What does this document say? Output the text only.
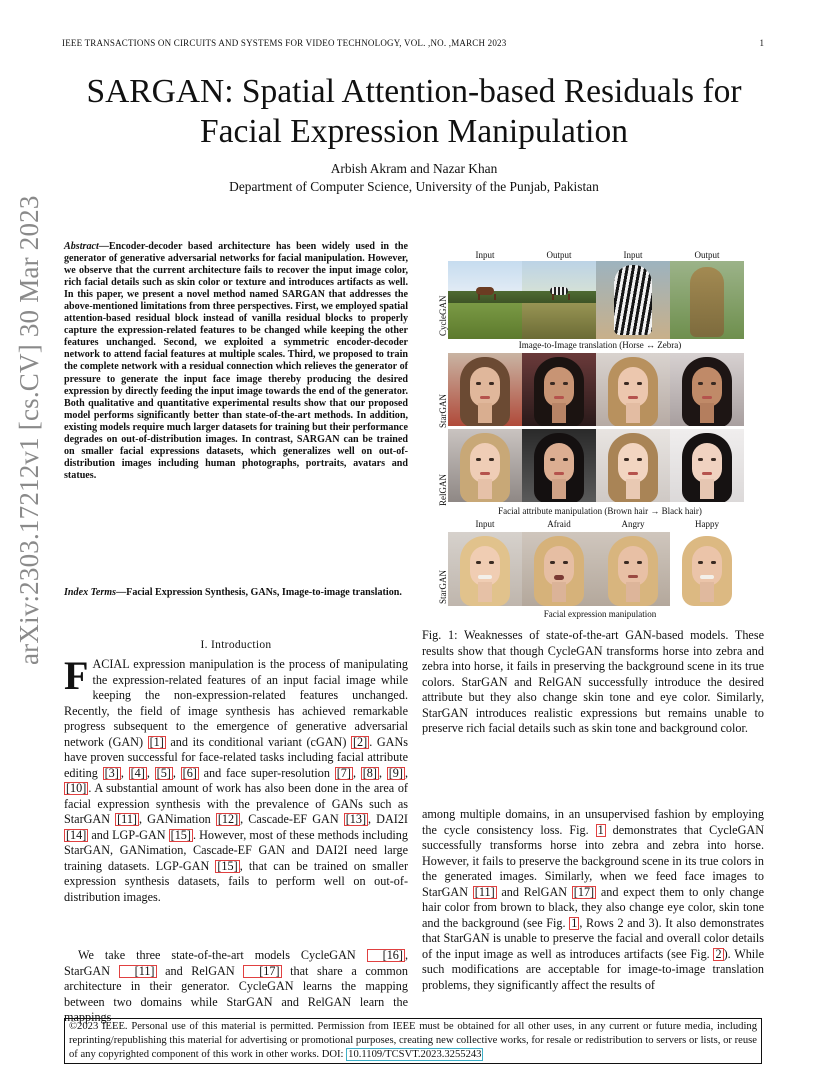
IEEE TRANSACTIONS ON CIRCUITS AND SYSTEMS FOR VIDEO TECHNOLOGY, VOL. ,NO. ,MARCH 2023	1
arXiv:2303.17212v1 [cs.CV] 30 Mar 2023
SARGAN: Spatial Attention-based Residuals for
Facial Expression Manipulation
Arbish Akram and Nazar Khan
Department of Computer Science, University of the Punjab, Pakistan
Abstract—Encoder-decoder based architecture has been widely used in the generator of generative adversarial networks for facial manipulation. However, we observe that the current architecture fails to recover the input image color, rich facial details such as skin color or texture and introduces artifacts as well. In this paper, we present a novel method named SARGAN that addresses the above-mentioned limitations from three perspectives. First, we employed spatial attention-based residual block instead of vanilla residual blocks to properly capture the expression-related features to be changed while keeping the other features unchanged. Second, we exploited a symmetric encoder-decoder network to attend facial features at multiple scales. Third, we proposed to train the complete network with a residual connection which relieves the generator of pressure to generate the input face image thereby producing the desired expression by directly feeding the input image towards the end of the generator. Both qualitative and quantitative experimental results show that our proposed model performs significantly better than state-of-the-art methods. In addition, existing models require much larger datasets for training but their performance degrades on out-of-distribution images. In contrast, SARGAN can be trained on smaller facial expressions datasets, which generalizes well on out-of-distribution images including human photographs, portraits, avatars and statues.
Index Terms—Facial Expression Synthesis, GANs, Image-to-image translation.
I. Introduction
FACIAL expression manipulation is the process of manipulating the expression-related features of an input facial image while keeping the non-expression-related features unchanged. Recently, the field of image synthesis has achieved remarkable progress subsequent to the emergence of generative adversarial network (GAN) [1] and its conditional variant (cGAN) [2] . GANs have proven successful for face-related tasks including facial attribute editing [3] , [4] , [5] , [6] and face super-resolution [7] , [8] , [9] , [10] . A substantial amount of work has also been done in the area of facial expression synthesis with the prevalence of GANs such as StarGAN [11] , GANimation [12] , Cascade-EF GAN [13] , DAI2I [14] and LGP-GAN [15] . However, most of these methods including StarGAN, GANimation, Cascade-EF GAN and DAI2I need large training datasets. LGP-GAN [15] , that can be trained on smaller expression synthesis datasets, fails to perform well on out-of-distribution images.
We take three state-of-the-art models CycleGAN [16] , StarGAN [11] and RelGAN [17] that share a common architecture in their generator. CycleGAN learns the mapping between two domains while StarGAN and RelGAN learn the mappings
Input	Output	Input	Output
CycleGAN
Image-to-Image translation (Horse ↔ Zebra)
StarGAN
RelGAN
Facial attribute manipulation (Brown hair → Black hair)
Input	Afraid	Angry	Happy
StarGAN
Facial expression manipulation
Fig. 1: Weaknesses of state-of-the-art GAN-based models. These results show that though CycleGAN transforms horse into zebra and zebra into horse, it fails in preserving the background scene in its true colors. StarGAN and RelGAN successfully introduce the desired attribute but they also change skin tone and eye color. Similarly, StarGAN introduces realistic expressions but remains unable to preserve rich facial details such as skin tone and background color.
among multiple domains, in an unsupervised fashion by employing the cycle consistency loss. Fig. 1 demonstrates that CycleGAN successfully transforms horse into zebra and zebra into horse. However, it fails to preserve the background scene in its true colors in the generated images. Similarly, when we feed face images to StarGAN [11] and RelGAN [17] and expect them to only change hair color from brown to black, they also change eye color, skin tone and the background (see Fig. 1 , Rows 2 and 3). It also demonstrates that StarGAN is unable to preserve the facial and overall color details of the input image as well as introduces artifacts (see Fig. 2 ). While such modifications are acceptable for image-to-image translation problems, they significantly affect the results of
©2023 IEEE. Personal use of this material is permitted. Permission from IEEE must be obtained for all other uses, in any current or future media, including reprinting/republishing this material for advertising or promotional purposes, creating new collective works, for resale or redistribution to servers or lists, or reuse of any copyrighted component of this work in other works. DOI: 10.1109/TCSVT.2023.3255243
